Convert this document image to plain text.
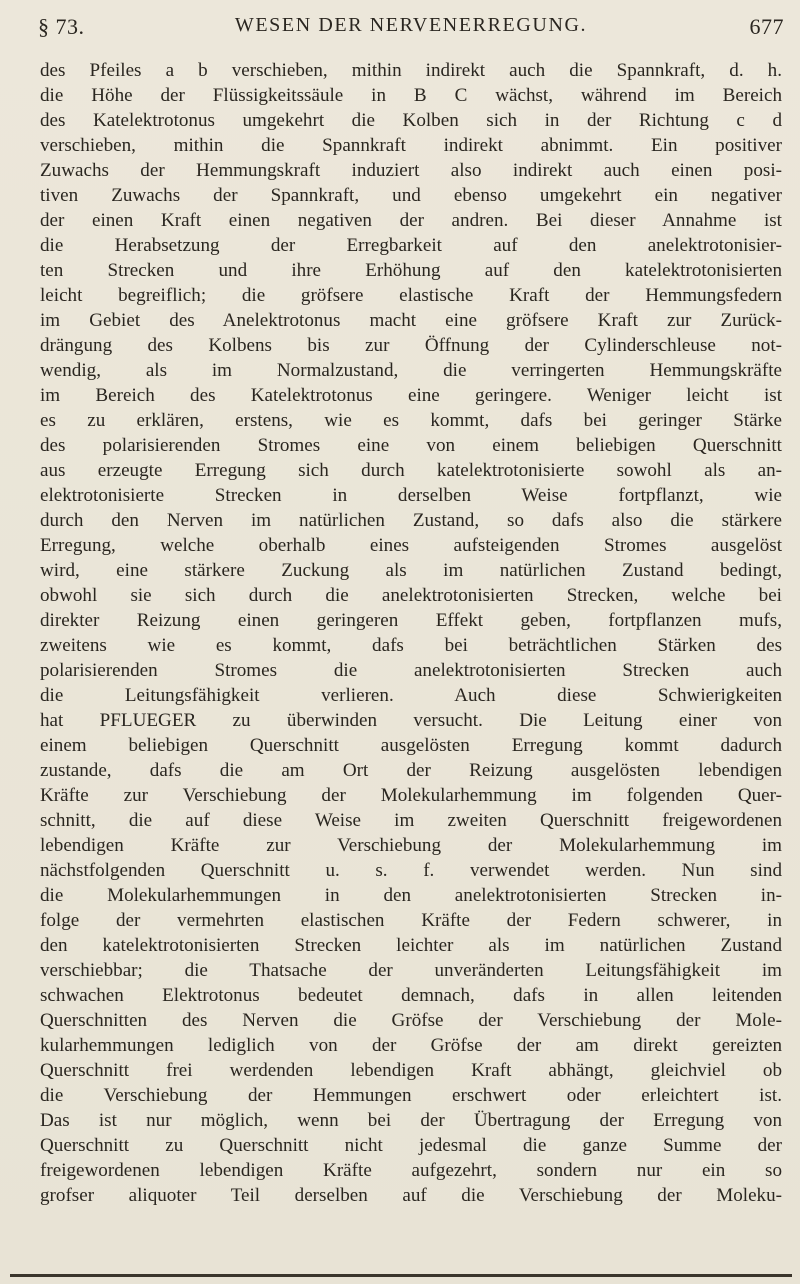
§ 73.	WESEN DER NERVENERREGUNG.	677
des Pfeiles a b verschieben, mithin indirekt auch die Spannkraft, d. h.
die Höhe der Flüssigkeitssäule in B C wächst, während im Bereich
des Katelektrotonus umgekehrt die Kolben sich in der Richtung c d
verschieben, mithin die Spannkraft indirekt abnimmt. Ein positiver
Zuwachs der Hemmungskraft induziert also indirekt auch einen posi-
tiven Zuwachs der Spannkraft, und ebenso umgekehrt ein negativer
der einen Kraft einen negativen der andren. Bei dieser Annahme ist
die Herabsetzung der Erregbarkeit auf den anelektrotonisier-
ten Strecken und ihre Erhöhung auf den katelektrotonisierten
leicht begreiflich; die gröfsere elastische Kraft der Hemmungsfedern
im Gebiet des Anelektrotonus macht eine gröfsere Kraft zur Zurück-
drängung des Kolbens bis zur Öffnung der Cylinderschleuse not-
wendig, als im Normalzustand, die verringerten Hemmungskräfte
im Bereich des Katelektrotonus eine geringere. Weniger leicht ist
es zu erklären, erstens, wie es kommt, dafs bei geringer Stärke
des polarisierenden Stromes eine von einem beliebigen Querschnitt
aus erzeugte Erregung sich durch katelektrotonisierte sowohl als an-
elektrotonisierte Strecken in derselben Weise fortpflanzt, wie
durch den Nerven im natürlichen Zustand, so dafs also die stärkere
Erregung, welche oberhalb eines aufsteigenden Stromes ausgelöst
wird, eine stärkere Zuckung als im natürlichen Zustand bedingt,
obwohl sie sich durch die anelektrotonisierten Strecken, welche bei
direkter Reizung einen geringeren Effekt geben, fortpflanzen mufs,
zweitens wie es kommt, dafs bei beträchtlichen Stärken des
polarisierenden Stromes die anelektrotonisierten Strecken auch
die Leitungsfähigkeit verlieren. Auch diese Schwierigkeiten
hat PFLUEGER zu überwinden versucht. Die Leitung einer von
einem beliebigen Querschnitt ausgelösten Erregung kommt dadurch
zustande, dafs die am Ort der Reizung ausgelösten lebendigen
Kräfte zur Verschiebung der Molekularhemmung im folgenden Quer-
schnitt, die auf diese Weise im zweiten Querschnitt freigewordenen
lebendigen Kräfte zur Verschiebung der Molekularhemmung im
nächstfolgenden Querschnitt u. s. f. verwendet werden. Nun sind
die Molekularhemmungen in den anelektrotonisierten Strecken in-
folge der vermehrten elastischen Kräfte der Federn schwerer, in
den katelektrotonisierten Strecken leichter als im natürlichen Zustand
verschiebbar; die Thatsache der unveränderten Leitungsfähigkeit im
schwachen Elektrotonus bedeutet demnach, dafs in allen leitenden
Querschnitten des Nerven die Gröfse der Verschiebung der Mole-
kularhemmungen lediglich von der Gröfse der am direkt gereizten
Querschnitt frei werdenden lebendigen Kraft abhängt, gleichviel ob
die Verschiebung der Hemmungen erschwert oder erleichtert ist.
Das ist nur möglich, wenn bei der Übertragung der Erregung von
Querschnitt zu Querschnitt nicht jedesmal die ganze Summe der
freigewordenen lebendigen Kräfte aufgezehrt, sondern nur ein so
grofser aliquoter Teil derselben auf die Verschiebung der Moleku-
